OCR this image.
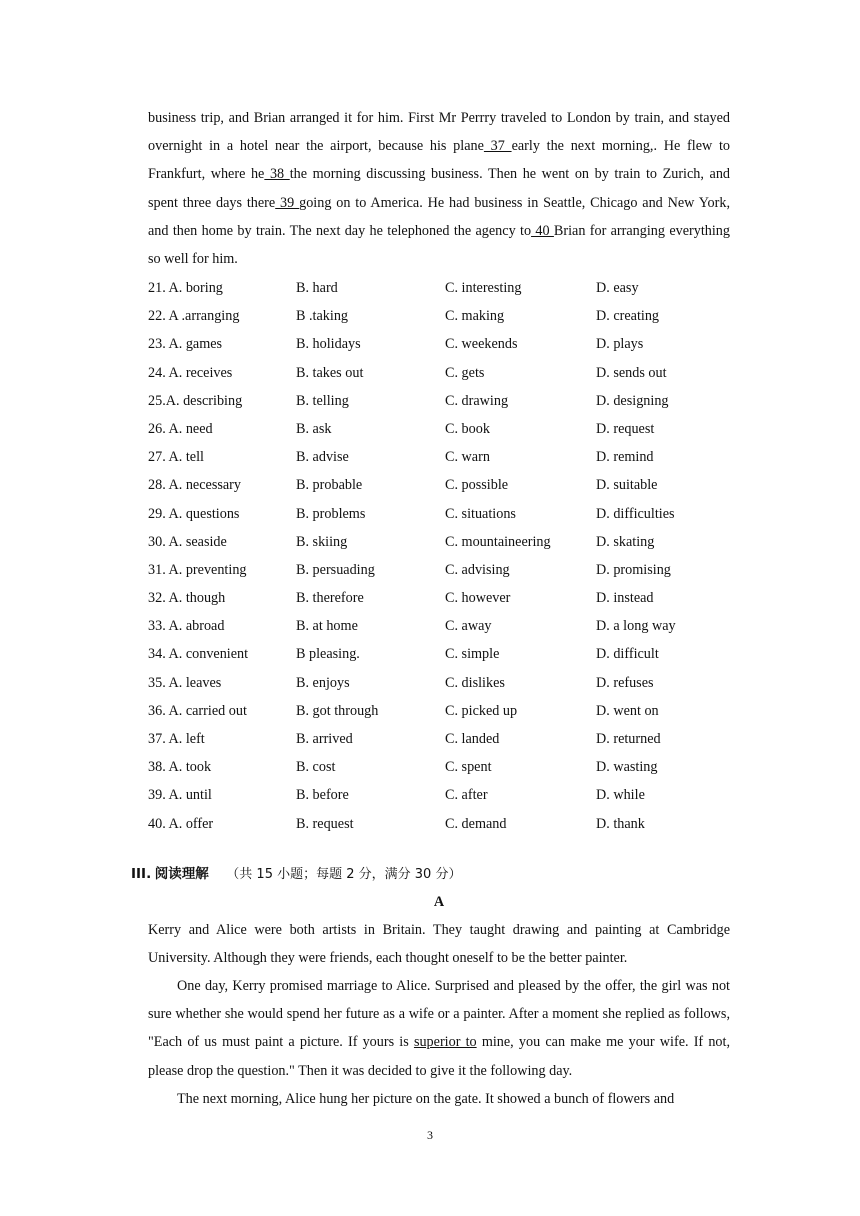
business trip, and Brian arranged it for him. First Mr Perrry traveled to London by train, and stayed overnight in a hotel near the airport, because his plane 37 early the next morning,. He flew to Frankfurt, where he 38 the morning discussing business. Then he went on by train to Zurich, and spent three days there 39 going on to America. He had business in Seattle, Chicago and New York, and then home by train. The next day he telephoned the agency to 40 Brian for arranging everything so well for him.
21. A. boring	B. hard	C. interesting	D. easy
22. A .arranging	B .taking	C. making	D. creating
23. A. games	B. holidays	C. weekends	D. plays
24. A. receives	B. takes out	C. gets	D. sends out
25.A. describing	B. telling	C. drawing	D. designing
26. A. need	B. ask	C. book	D. request
27. A. tell	B. advise	C. warn	D. remind
28. A. necessary	B. probable	C. possible	D. suitable
29. A. questions	B. problems	C. situations	D. difficulties
30. A. seaside	B. skiing	C. mountaineering	D. skating
31. A. preventing	B. persuading	C. advising	D. promising
32. A. though	B. therefore	C. however	D. instead
33. A. abroad	B. at home	C. away	D. a long way
34. A. convenient	B pleasing.	C. simple	D. difficult
35. A. leaves	B. enjoys	C. dislikes	D. refuses
36. A. carried out	B. got through	C. picked up	D. went on
37. A. left	B. arrived	C. landed	D. returned
38. A. took	B. cost	C. spent	D. wasting
39. A. until	B. before	C. after	D. while
40. A. offer	B. request	C. demand	D. thank
III. 阅读理解 （共 15 小题；每题 2 分，满分 30 分）
A
Kerry and Alice were both artists in Britain. They taught drawing and painting at Cambridge University. Although they were friends, each thought oneself to be the better painter.
One day, Kerry promised marriage to Alice. Surprised and pleased by the offer, the girl was not sure whether she would spend her future as a wife or a painter. After a moment she replied as follows, "Each of us must paint a picture. If yours is superior to mine, you can make me your wife. If not, please drop the question." Then it was decided to give it the following day.
The next morning, Alice hung her picture on the gate. It showed a bunch of flowers and
3
